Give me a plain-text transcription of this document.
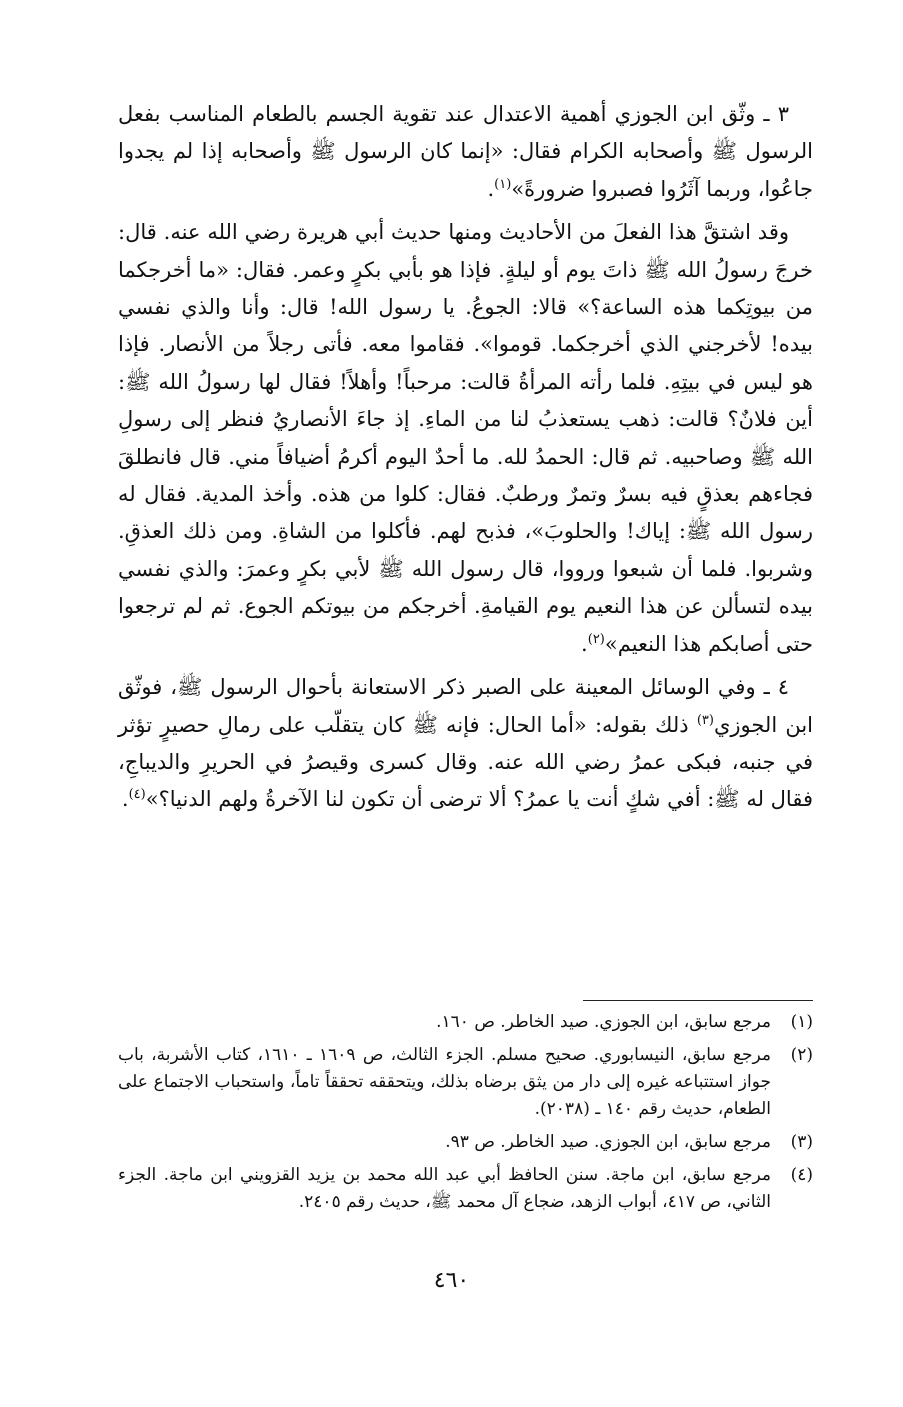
٣ ـ وثّق ابن الجوزي أهمية الاعتدال عند تقوية الجسم بالطعام المناسب بفعل الرسول ﷺ وأصحابه الكرام فقال: «إنما كان الرسول ﷺ وأصحابه إذا لم يجدوا جاعُوا، وربما آثَرُوا فصبروا ضرورةً»$^{(١)}$.

وقد اشتقَّ هذا الفعلَ من الأحاديث ومنها حديث أبي هريرة رضي الله عنه. قال: خرجَ رسولُ الله ﷺ ذاتَ يوم أو ليلةٍ. فإذا هو بأبي بكرٍ وعمر. فقال: «ما أخرجكما من بيوتِكما هذه الساعة؟» قالا: الجوعُ. يا رسول الله! قال: وأنا والذي نفسي بيده! لأخرجني الذي أخرجكما. قوموا». فقاموا معه. فأتى رجلاً من الأنصار. فإذا هو ليس في بيتِهِ. فلما رأته المرأةُ قالت: مرحباً! وأهلاً! فقال لها رسولُ الله ﷺ: أين فلانٌ؟ قالت: ذهب يستعذبُ لنا من الماءِ. إذ جاءَ الأنصاريُ فنظر إلى رسولِ الله ﷺ وصاحبيه. ثم قال: الحمدُ لله. ما أحدٌ اليوم أكرمُ أضيافاً مني. قال فانطلقَ فجاءهم بعذقٍ فيه بسرٌ وتمرٌ ورطبٌ. فقال: كلوا من هذه. وأخذ المدية. فقال له رسول الله ﷺ: إياك! والحلوبَ»، فذبح لهم. فأكلوا من الشاةِ. ومن ذلك العذقِ. وشربوا. فلما أن شبعوا ورووا، قال رسول الله ﷺ لأبي بكرٍ وعمرَ: والذي نفسي بيده لتسألن عن هذا النعيم يوم القيامةِ. أخرجكم من بيوتكم الجوع. ثم لم ترجعوا حتى أصابكم هذا النعيم»$^{(٢)}$.

٤ ـ وفي الوسائل المعينة على الصبر ذكر الاستعانة بأحوال الرسول ﷺ، فوثّق ابن الجوزي$^{(٣)}$ ذلك بقوله: «أما الحال: فإنه ﷺ كان يتقلّب على رمالِ حصيرٍ تؤثر في جنبه، فبكى عمرُ رضي الله عنه. وقال كسرى وقيصرُ في الحريرِ والديباجِ، فقال له ﷺ: أفي شكٍ أنت يا عمرُ؟ ألا ترضى أن تكون لنا الآخرةُ ولهم الدنيا؟»$^{(٤)}$.

(١)
مرجع سابق، ابن الجوزي. صيد الخاطر. ص ١٦٠.
(٢)
مرجع سابق، النيسابوري. صحيح مسلم. الجزء الثالث، ص ١٦٠٩ ـ ١٦١٠، كتاب الأشربة، باب جواز استتباعه غيره إلى دار من يثق برضاه بذلك، ويتحققه تحققاً تاماً، واستحباب الاجتماع على الطعام، حديث رقم ١٤٠ ـ (٢٠٣٨).
(٣)
مرجع سابق، ابن الجوزي. صيد الخاطر. ص ٩٣.
(٤)
مرجع سابق، ابن ماجة. سنن الحافظ أبي عبد الله محمد بن يزيد القزويني ابن ماجة. الجزء الثاني، ص ٤١٧، أبواب الزهد، ضجاع آل محمد ﷺ، حديث رقم ٢٤٠٥.
٤٦٠
